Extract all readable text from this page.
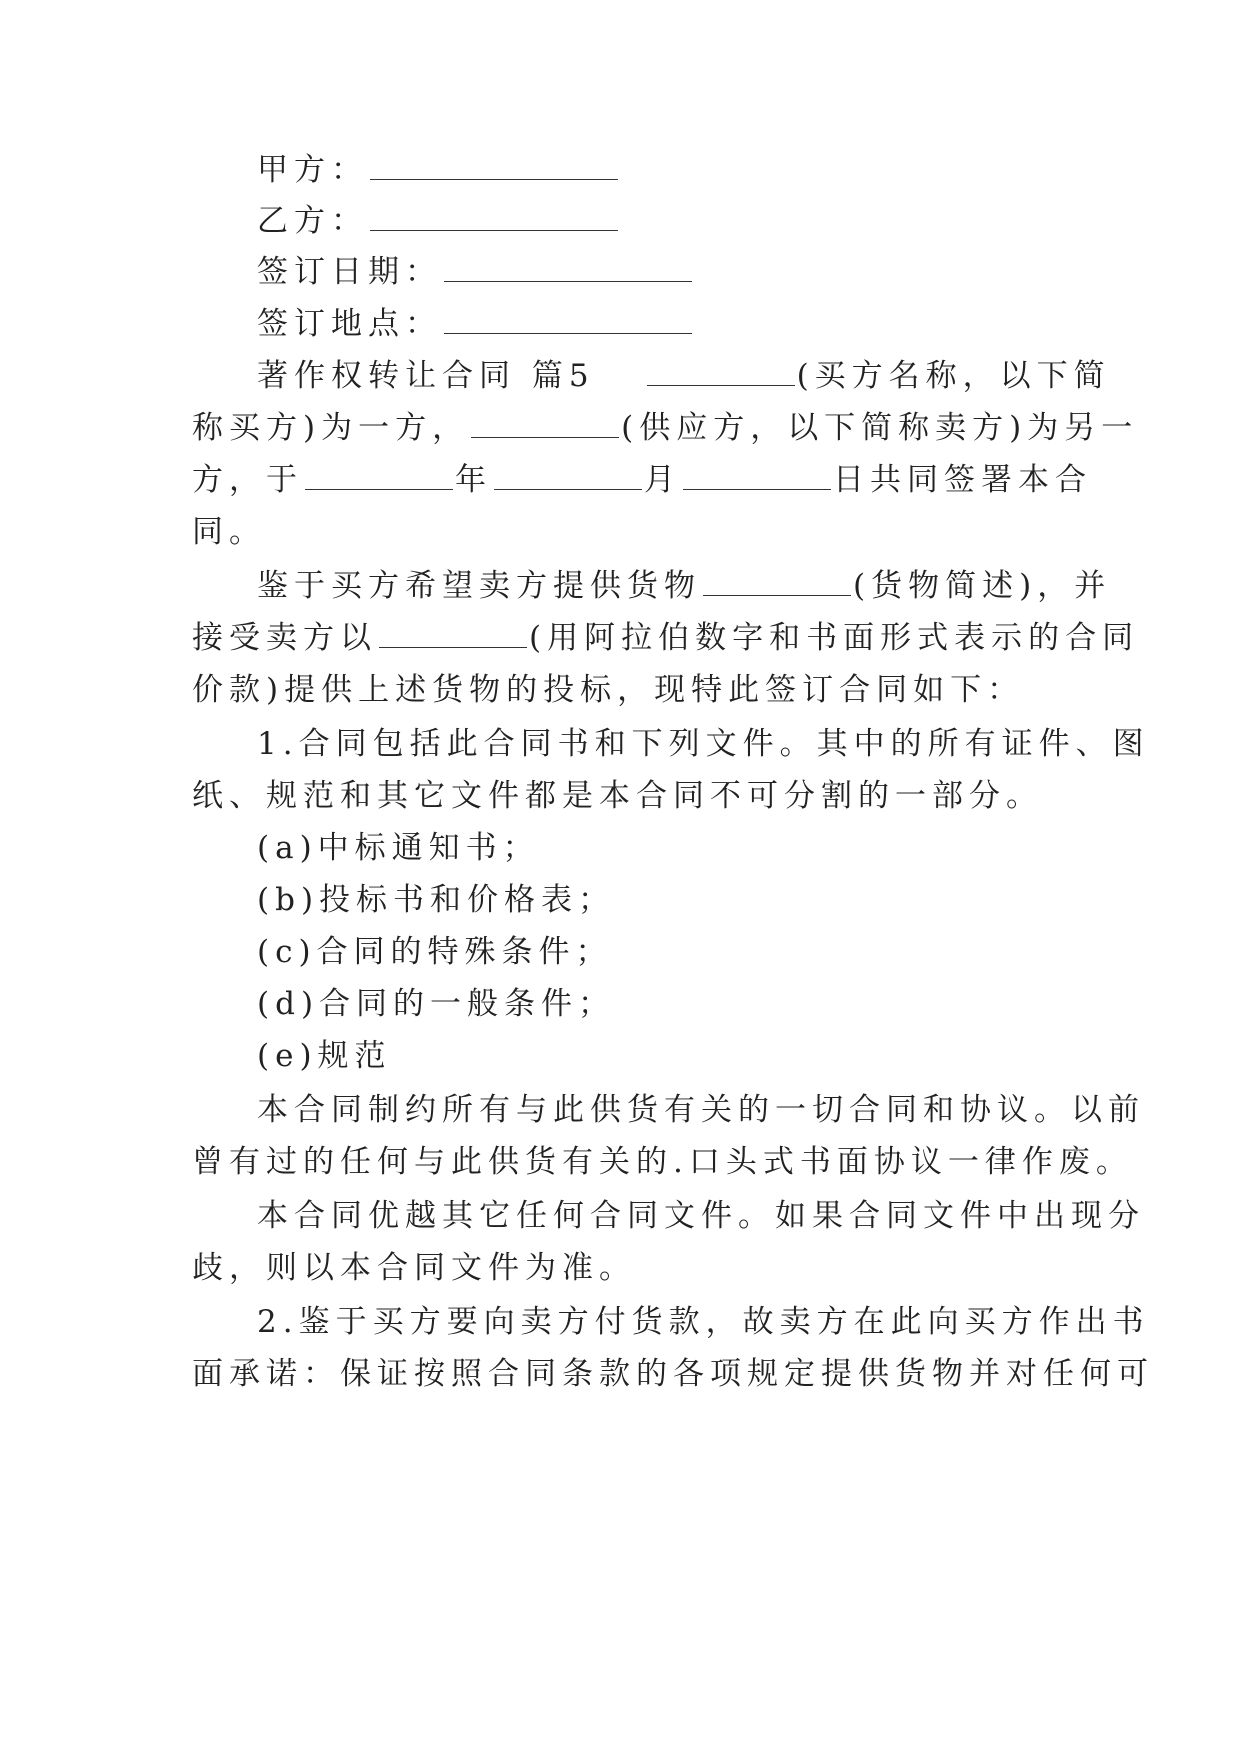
甲方：

乙方：

签订日期：

签订地点：

著作权转让合同 篇5	(买方名称，以下简

称买方)为一方，	(供应方，以下简称卖方)为另一

方，于	年	月	日共同签署本合

同。

鉴于买方希望卖方提供货物	(货物简述)，并

接受卖方以	(用阿拉伯数字和书面形式表示的合同

价款)提供上述货物的投标，现特此签订合同如下：

1.合同包括此合同书和下列文件。其中的所有证件、图

纸、规范和其它文件都是本合同不可分割的一部分。

(a)中标通知书；

(b)投标书和价格表；

(c)合同的特殊条件；

(d)合同的一般条件；

(e)规范

本合同制约所有与此供货有关的一切合同和协议。以前

曾有过的任何与此供货有关的.口头式书面协议一律作废。

本合同优越其它任何合同文件。如果合同文件中出现分

歧，则以本合同文件为准。

2.鉴于买方要向卖方付货款，故卖方在此向买方作出书

面承诺：保证按照合同条款的各项规定提供货物并对任何可
